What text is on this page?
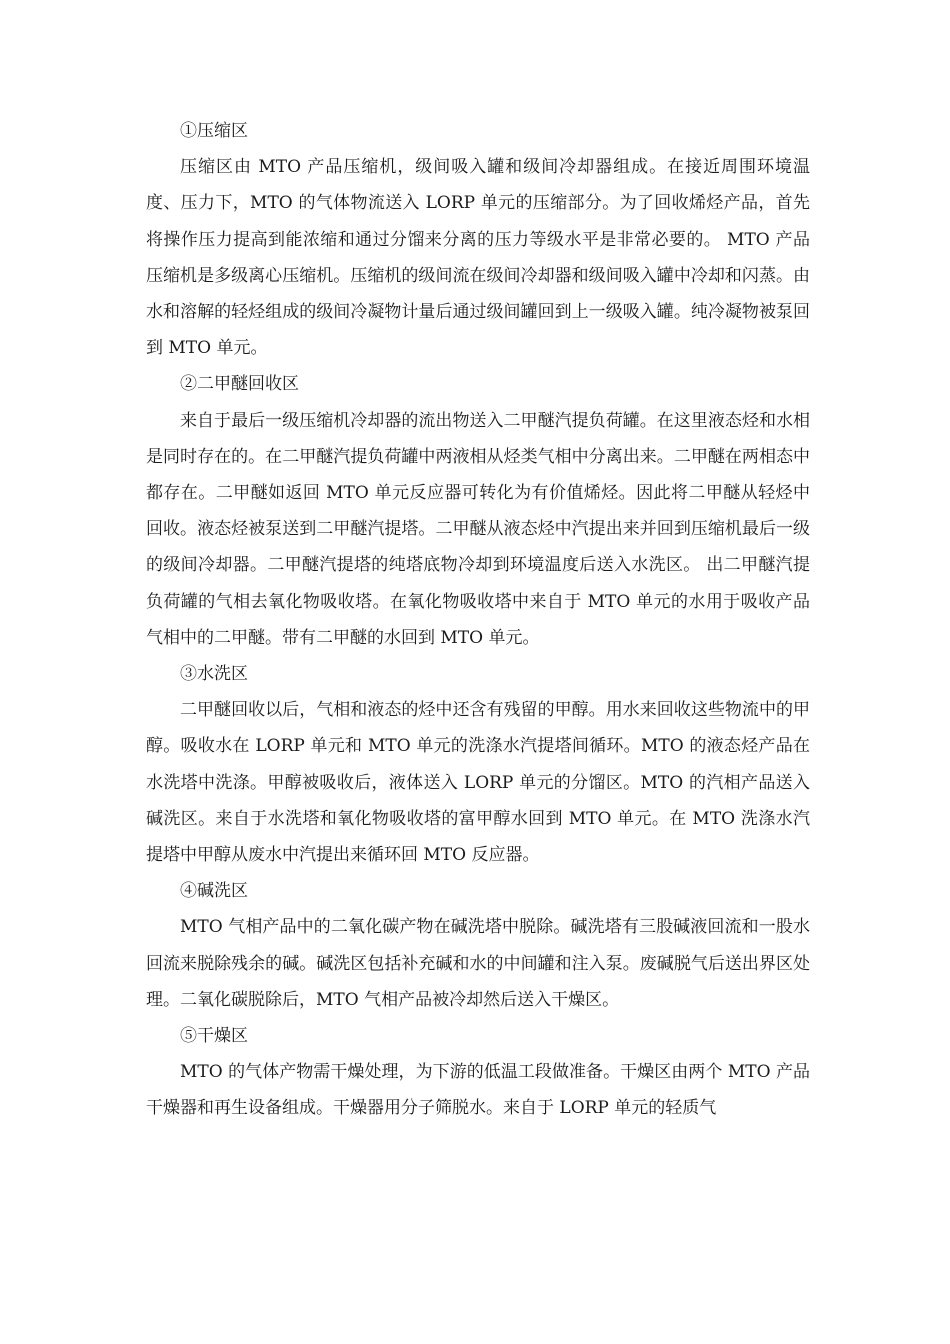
①压缩区

压缩区由 MTO 产品压缩机，级间吸入罐和级间冷却器组成。在接近周围环境温度、压力下，MTO 的气体物流送入 LORP 单元的压缩部分。为了回收烯烃产品，首先将操作压力提高到能浓缩和通过分馏来分离的压力等级水平是非常必要的。 MTO 产品压缩机是多级离心压缩机。压缩机的级间流在级间冷却器和级间吸入罐中冷却和闪蒸。由水和溶解的轻烃组成的级间冷凝物计量后通过级间罐回到上一级吸入罐。纯冷凝物被泵回到 MTO 单元。

②二甲醚回收区

来自于最后一级压缩机冷却器的流出物送入二甲醚汽提负荷罐。在这里液态烃和水相是同时存在的。在二甲醚汽提负荷罐中两液相从烃类气相中分离出来。二甲醚在两相态中都存在。二甲醚如返回 MTO 单元反应器可转化为有价值烯烃。因此将二甲醚从轻烃中回收。液态烃被泵送到二甲醚汽提塔。二甲醚从液态烃中汽提出来并回到压缩机最后一级的级间冷却器。二甲醚汽提塔的纯塔底物冷却到环境温度后送入水洗区。 出二甲醚汽提负荷罐的气相去氧化物吸收塔。在氧化物吸收塔中来自于 MTO 单元的水用于吸收产品气相中的二甲醚。带有二甲醚的水回到 MTO 单元。

③水洗区

二甲醚回收以后，气相和液态的烃中还含有残留的甲醇。用水来回收这些物流中的甲醇。吸收水在 LORP 单元和 MTO 单元的洗涤水汽提塔间循环。MTO 的液态烃产品在水洗塔中洗涤。甲醇被吸收后，液体送入 LORP 单元的分馏区。MTO 的汽相产品送入碱洗区。来自于水洗塔和氧化物吸收塔的富甲醇水回到 MTO 单元。在 MTO 洗涤水汽提塔中甲醇从废水中汽提出来循环回 MTO 反应器。

④碱洗区

MTO 气相产品中的二氧化碳产物在碱洗塔中脱除。碱洗塔有三股碱液回流和一股水回流来脱除残余的碱。碱洗区包括补充碱和水的中间罐和注入泵。废碱脱气后送出界区处理。二氧化碳脱除后，MTO 气相产品被冷却然后送入干燥区。

⑤干燥区

MTO 的气体产物需干燥处理，为下游的低温工段做准备。干燥区由两个 MTO 产品干燥器和再生设备组成。干燥器用分子筛脱水。来自于 LORP 单元的轻质气
